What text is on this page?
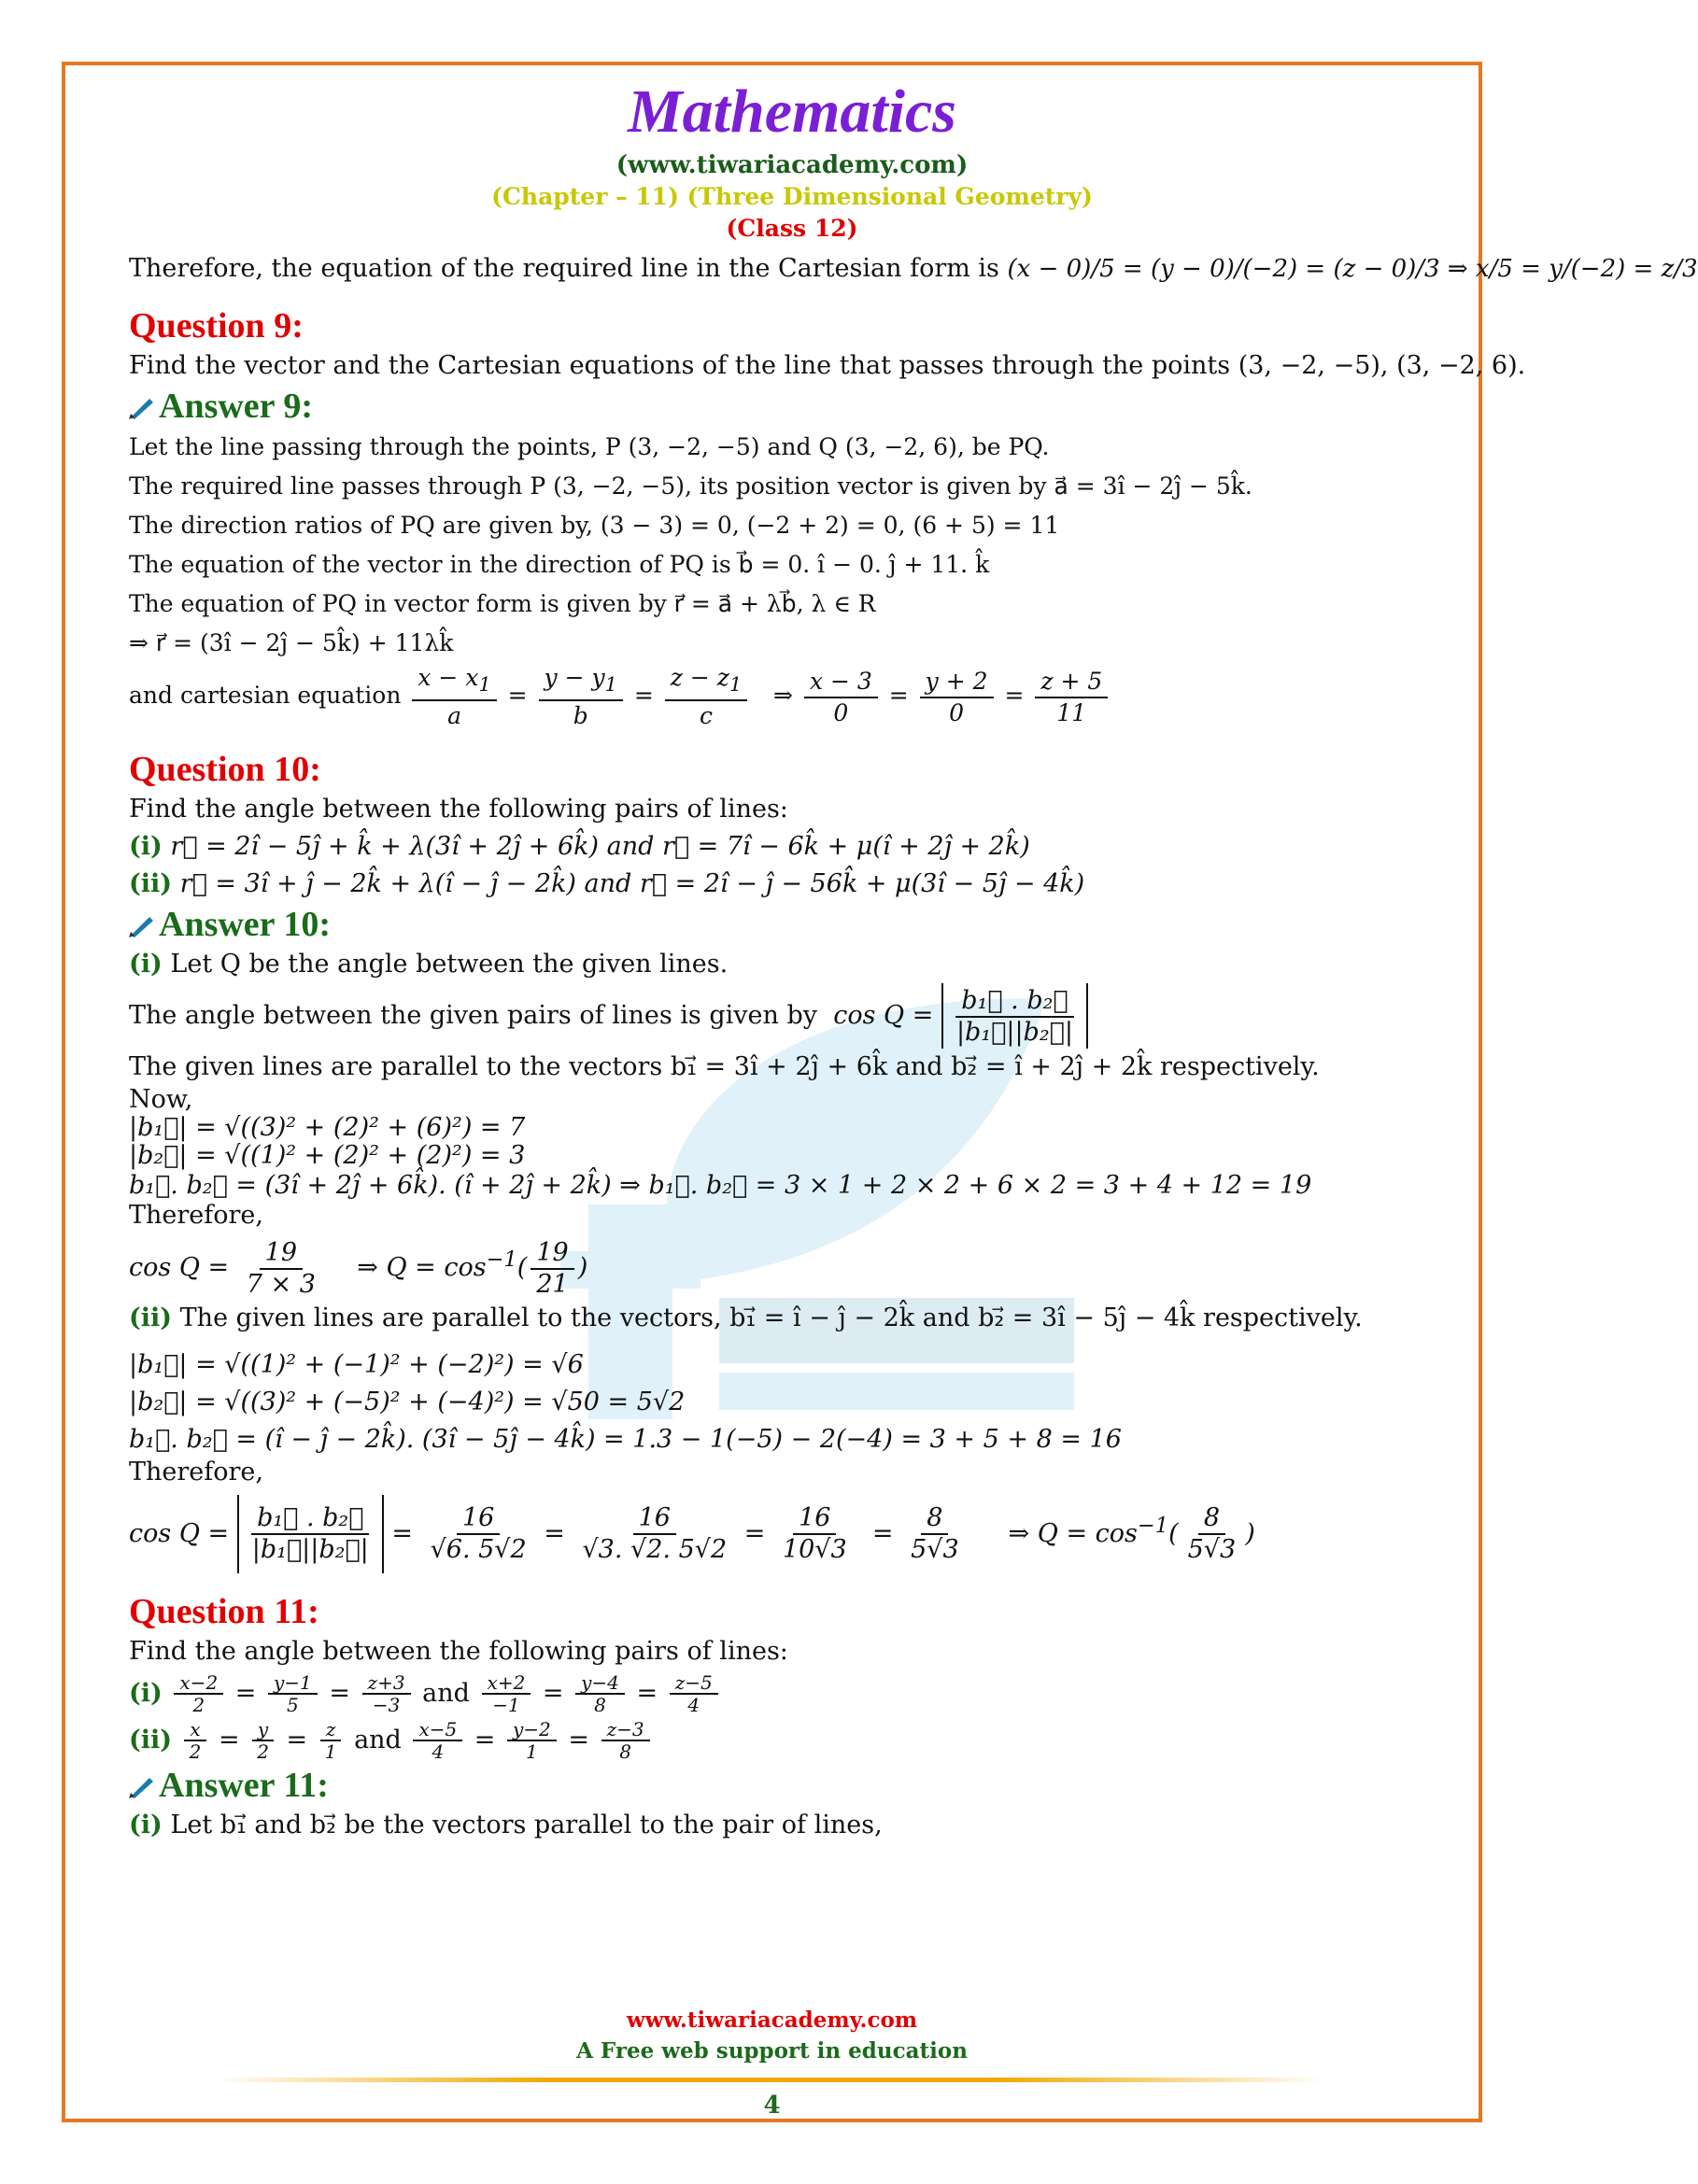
Mathematics
(www.tiwariacademy.com)
(Chapter – 11) (Three Dimensional Geometry)
(Class 12)

Therefore, the equation of the required line in the Cartesian form is (x − 0)/5 = (y − 0)/(−2) = (z − 0)/3 ⇒ x/5 = y/(−2) = z/3

Question 9:

Find the vector and the Cartesian equations of the line that passes through the points (3, −2, −5), (3, −2, 6).

Answer 9:

Let the line passing through the points, P (3, −2, −5) and Q (3, −2, 6), be PQ.

The required line passes through P (3, −2, −5), its position vector is given by a⃗ = 3î − 2ĵ − 5k̂.

The direction ratios of PQ are given by, (3 − 3) = 0, (−2 + 2) = 0, (6 + 5) = 11

The equation of the vector in the direction of PQ is b⃗ = 0. î − 0. ĵ + 11. k̂

The equation of PQ in vector form is given by r⃗ = a⃗ + λb⃗, λ ∈ R

⇒ r⃗ = (3î − 2ĵ − 5k̂) + 11λk̂

and cartesian equation $\frac{x - x_1}{a} = \frac{y - y_1}{b} = \frac{z - z_1}{c}$ ⇒ $\frac{x - 3}{0} = \frac{y + 2}{0} = \frac{z + 5}{11}$

Question 10:

Find the angle between the following pairs of lines:

(i) r⃗ = 2î − 5ĵ + k̂ + λ(3î + 2ĵ + 6k̂) and r⃗ = 7î − 6k̂ + μ(î + 2ĵ + 2k̂)

(ii) r⃗ = 3î + ĵ − 2k̂ + λ(î − ĵ − 2k̂) and r⃗ = 2î − ĵ − 56k̂ + μ(3î − 5ĵ − 4k̂)

Answer 10:

(i) Let Q be the angle between the given lines.

The angle between the given pairs of lines is given by  $\cos Q = \frac{\text{b₁⃗ . b₂⃗}}{\text{|b₁⃗||b₂⃗|}}$

The given lines are parallel to the vectors b₁⃗ = 3î + 2ĵ + 6k̂ and b₂⃗ = î + 2ĵ + 2k̂ respectively.

Now,

|b₁⃗| = √((3)² + (2)² + (6)²) = 7

|b₂⃗| = √((1)² + (2)² + (2)²) = 3

b₁⃗. b₂⃗ = (3î + 2ĵ + 6k̂). (î + 2ĵ + 2k̂) ⇒ b₁⃗. b₂⃗ = 3 × 1 + 2 × 2 + 6 × 2 = 3 + 4 + 12 = 19

Therefore,

$\cos Q = \frac{19}{7 \times 3}$ ⇒ $Q = \cos^{-1}( \frac{19}{21}$ )

(ii) The given lines are parallel to the vectors, b₁⃗ = î − ĵ − 2k̂ and b₂⃗ = 3î − 5ĵ − 4k̂ respectively.

|b₁⃗| = √((1)² + (−1)² + (−2)²) = √6

|b₂⃗| = √((3)² + (−5)² + (−4)²) = √50 = 5√2

b₁⃗. b₂⃗ = (î − ĵ − 2k̂). (3î − 5ĵ − 4k̂) = 1.3 − 1(−5) − 2(−4) = 3 + 5 + 8 = 16

Therefore,

$\cos Q = \frac{\text{b₁⃗ . b₂⃗}}{\text{|b₁⃗||b₂⃗|}} = \frac{16}{√6. 5√2} = \frac{16}{√3. √2. 5√2} = \frac{16}{10√3} = \frac{8}{5√3}$ ⇒ $Q = \cos^{-1}( \frac{8}{5√3}$ )

Question 11:

Find the angle between the following pairs of lines:

$(i) \frac{x-2}{2} = \frac{y-1}{5} = \frac{z+3}{-3}$ and $\frac{x+2}{-1} = \frac{y-4}{8} = \frac{z-5}{4}$

$(ii) \frac{x}{2} = \frac{y}{2} = \frac{z}{1}$ and $\frac{x-5}{4} = \frac{y-2}{1} = \frac{z-3}{8}$

Answer 11:

(i) Let b₁⃗ and b₂⃗ be the vectors parallel to the pair of lines,

www.tiwariacademy.com
A Free web support in education
4
